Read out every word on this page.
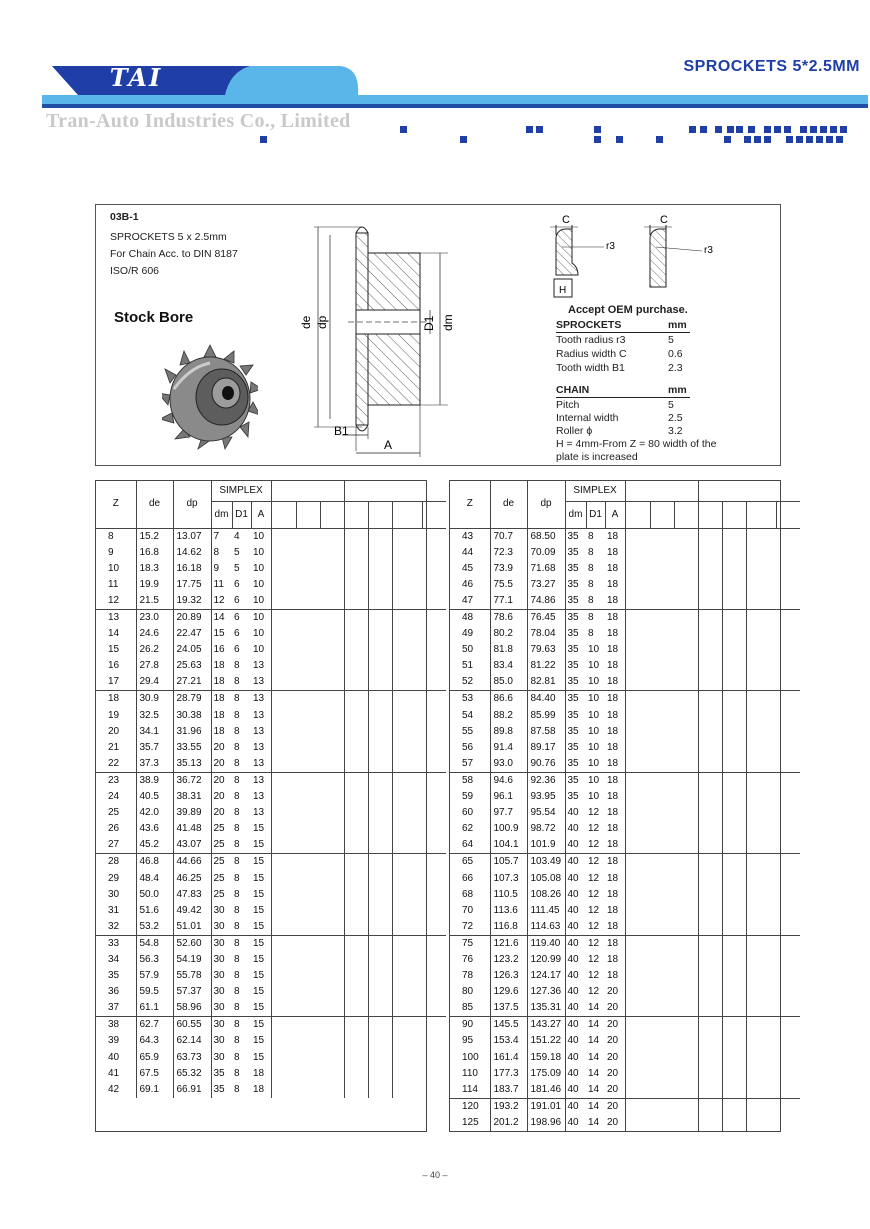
TAI	SPROCKETS 5*2.5MM
Tran-Auto Industries Co., Limited
03B-1
SPROCKETS 5 x 2.5mm
For Chain Acc. to DIN 8187
ISO/R 606
Stock Bore	de dp	D1 dm
B1
A
C
r3
H
C
r3
Accept OEM purchase.
SPROCKETS	mm
Tooth radius r3	5
Radius width C	0.6
Tooth width B1	2.3
CHAIN	mm
Pitch	5
Internal width	2.5
Roller ϕ	3.2
H = 4mm-From Z = 80 width of the
plate is increased
Z	de	dp	SIMPLEX									
			dm	D1	A							
8	15.2	13.07	7	4	10							
9	16.8	14.62	8	5	10							
10	18.3	16.18	9	5	10							
11	19.9	17.75	11	6	10							
12	21.5	19.32	12	6	10							
13	23.0	20.89	14	6	10							
14	24.6	22.47	15	6	10							
15	26.2	24.05	16	6	10							
16	27.8	25.63	18	8	13							
17	29.4	27.21	18	8	13							
18	30.9	28.79	18	8	13							
19	32.5	30.38	18	8	13							
20	34.1	31.96	18	8	13							
21	35.7	33.55	20	8	13							
22	37.3	35.13	20	8	13							
23	38.9	36.72	20	8	13							
24	40.5	38.31	20	8	13							
25	42.0	39.89	20	8	13							
26	43.6	41.48	25	8	15							
27	45.2	43.07	25	8	15							
28	46.8	44.66	25	8	15							
29	48.4	46.25	25	8	15							
30	50.0	47.83	25	8	15							
31	51.6	49.42	30	8	15							
32	53.2	51.01	30	8	15							
33	54.8	52.60	30	8	15							
34	56.3	54.19	30	8	15							
35	57.9	55.78	30	8	15							
36	59.5	57.37	30	8	15							
37	61.1	58.96	30	8	15							
38	62.7	60.55	30	8	15							
39	64.3	62.14	30	8	15							
40	65.9	63.73	30	8	15							
41	67.5	65.32	35	8	18							
42	69.1	66.91	35	8	18							
Z	de	dp	SIMPLEX									
			dm	D1	A							
43	70.7	68.50	35	8	18							
44	72.3	70.09	35	8	18							
45	73.9	71.68	35	8	18							
46	75.5	73.27	35	8	18							
47	77.1	74.86	35	8	18							
48	78.6	76.45	35	8	18							
49	80.2	78.04	35	8	18							
50	81.8	79.63	35	10	18							
51	83.4	81.22	35	10	18							
52	85.0	82.81	35	10	18							
53	86.6	84.40	35	10	18							
54	88.2	85.99	35	10	18							
55	89.8	87.58	35	10	18							
56	91.4	89.17	35	10	18							
57	93.0	90.76	35	10	18							
58	94.6	92.36	35	10	18							
59	96.1	93.95	35	10	18							
60	97.7	95.54	40	12	18							
62	100.9	98.72	40	12	18							
64	104.1	101.9	40	12	18							
65	105.7	103.49	40	12	18							
66	107.3	105.08	40	12	18							
68	110.5	108.26	40	12	18							
70	113.6	111.45	40	12	18							
72	116.8	114.63	40	12	18							
75	121.6	119.40	40	12	18							
76	123.2	120.99	40	12	18							
78	126.3	124.17	40	12	18							
80	129.6	127.36	40	12	20							
85	137.5	135.31	40	14	20							
90	145.5	143.27	40	14	20							
95	153.4	151.22	40	14	20							
100	161.4	159.18	40	14	20							
110	177.3	175.09	40	14	20							
114	183.7	181.46	40	14	20							
120	193.2	191.01	40	14	20							
125	201.2	198.96	40	14	20							
– 40 –
